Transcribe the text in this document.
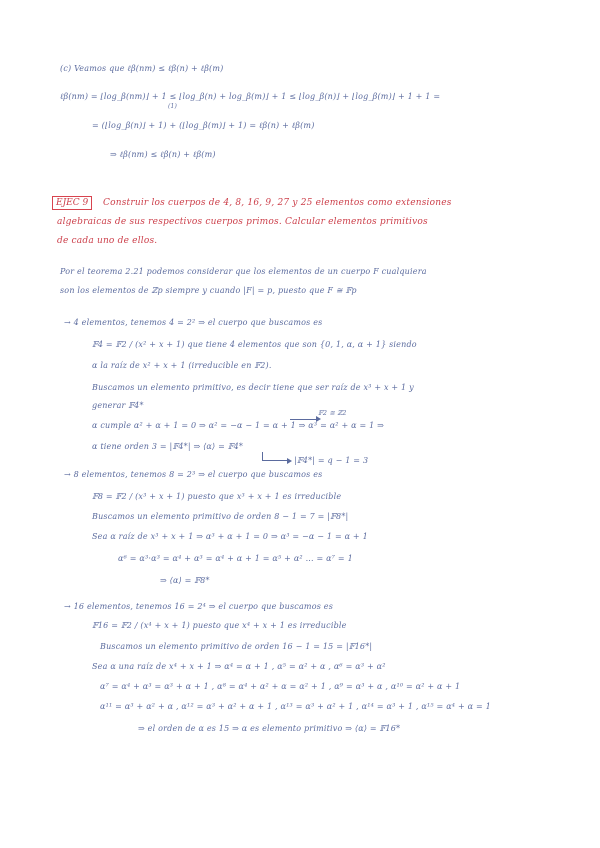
(c) Veamos que ℓβ(nm) ≤ ℓβ(n) + ℓβ(m)
ℓβ(nm) = ⌊log_β(nm)⌋ + 1 ≤ ⌊log_β(n) + log_β(m)⌋ + 1 ≤ ⌊log_β(n)⌋ + ⌊log_β(m)⌋ + 1 + 1 =
(1)
= (⌊log_β(n)⌋ + 1) + (⌊log_β(m)⌋ + 1) = ℓβ(n) + ℓβ(m)
⇒ ℓβ(nm) ≤ ℓβ(n) + ℓβ(m)
EJEC 9	Construir los cuerpos de 4, 8, 16, 9, 27 y 25 elementos como extensiones
algebraicas de sus respectivos cuerpos primos. Calcular elementos primitivos
de cada uno de ellos.
Por el teorema 2.21 podemos considerar que los elementos de un cuerpo F cualquiera
son los elementos de ℤp siempre y cuando |F| = p, puesto que F ≅ 𝔽p
→ 4 elementos, tenemos 4 = 2² ⇒ el cuerpo que buscamos es
𝔽4 = 𝔽2 / (x² + x + 1) que tiene 4 elementos que son {0, 1, α, α + 1} siendo
α la raíz de x² + x + 1 (irreducible en 𝔽2).
Buscamos un elemento primitivo, es decir tiene que ser raíz de x³ + x + 1 y
generar 𝔽4*
𝔽2 ≅ ℤ2
α cumple α² + α + 1 = 0 ⇒ α² = −α − 1 = α + 1 ⇒ α³ = α² + α = 1 ⇒
α tiene orden 3 = |𝔽4*| ⇒ ⟨α⟩ = 𝔽4*
|𝔽4*| = q − 1 = 3
→ 8 elementos, tenemos 8 = 2³ ⇒ el cuerpo que buscamos es
𝔽8 = 𝔽2 / (x³ + x + 1) puesto que x³ + x + 1 es irreducible
Buscamos un elemento primitivo de orden 8 − 1 = 7 = |𝔽8*|
Sea α raíz de x³ + x + 1 ⇒ α³ + α + 1 = 0 ⇒ α³ = −α − 1 = α + 1
α⁶ = α³·α³ = α⁴ + α³ = α⁴ + α + 1 = α⁵ + α² ... = α⁷ = 1
⇒ ⟨α⟩ = 𝔽8*
→ 16 elementos, tenemos 16 = 2⁴ ⇒ el cuerpo que buscamos es
𝔽16 = 𝔽2 / (x⁴ + x + 1) puesto que x⁴ + x + 1 es irreducible
Buscamos un elemento primitivo de orden 16 − 1 = 15 = |𝔽16*|
Sea α una raíz de x⁴ + x + 1 ⇒ α⁴ = α + 1 , α⁵ = α² + α , α⁶ = α³ + α²
α⁷ = α⁴ + α³ = α³ + α + 1 , α⁸ = α⁴ + α² + α = α² + 1 , α⁹ = α³ + α , α¹⁰ = α² + α + 1
α¹¹ = α³ + α² + α , α¹² = α³ + α² + α + 1 , α¹³ = α³ + α² + 1 , α¹⁴ = α³ + 1 , α¹⁵ = α⁴ + α = 1
⇒ el orden de α es 15 ⇒ α es elemento primitivo ⇒ ⟨α⟩ = 𝔽16*
